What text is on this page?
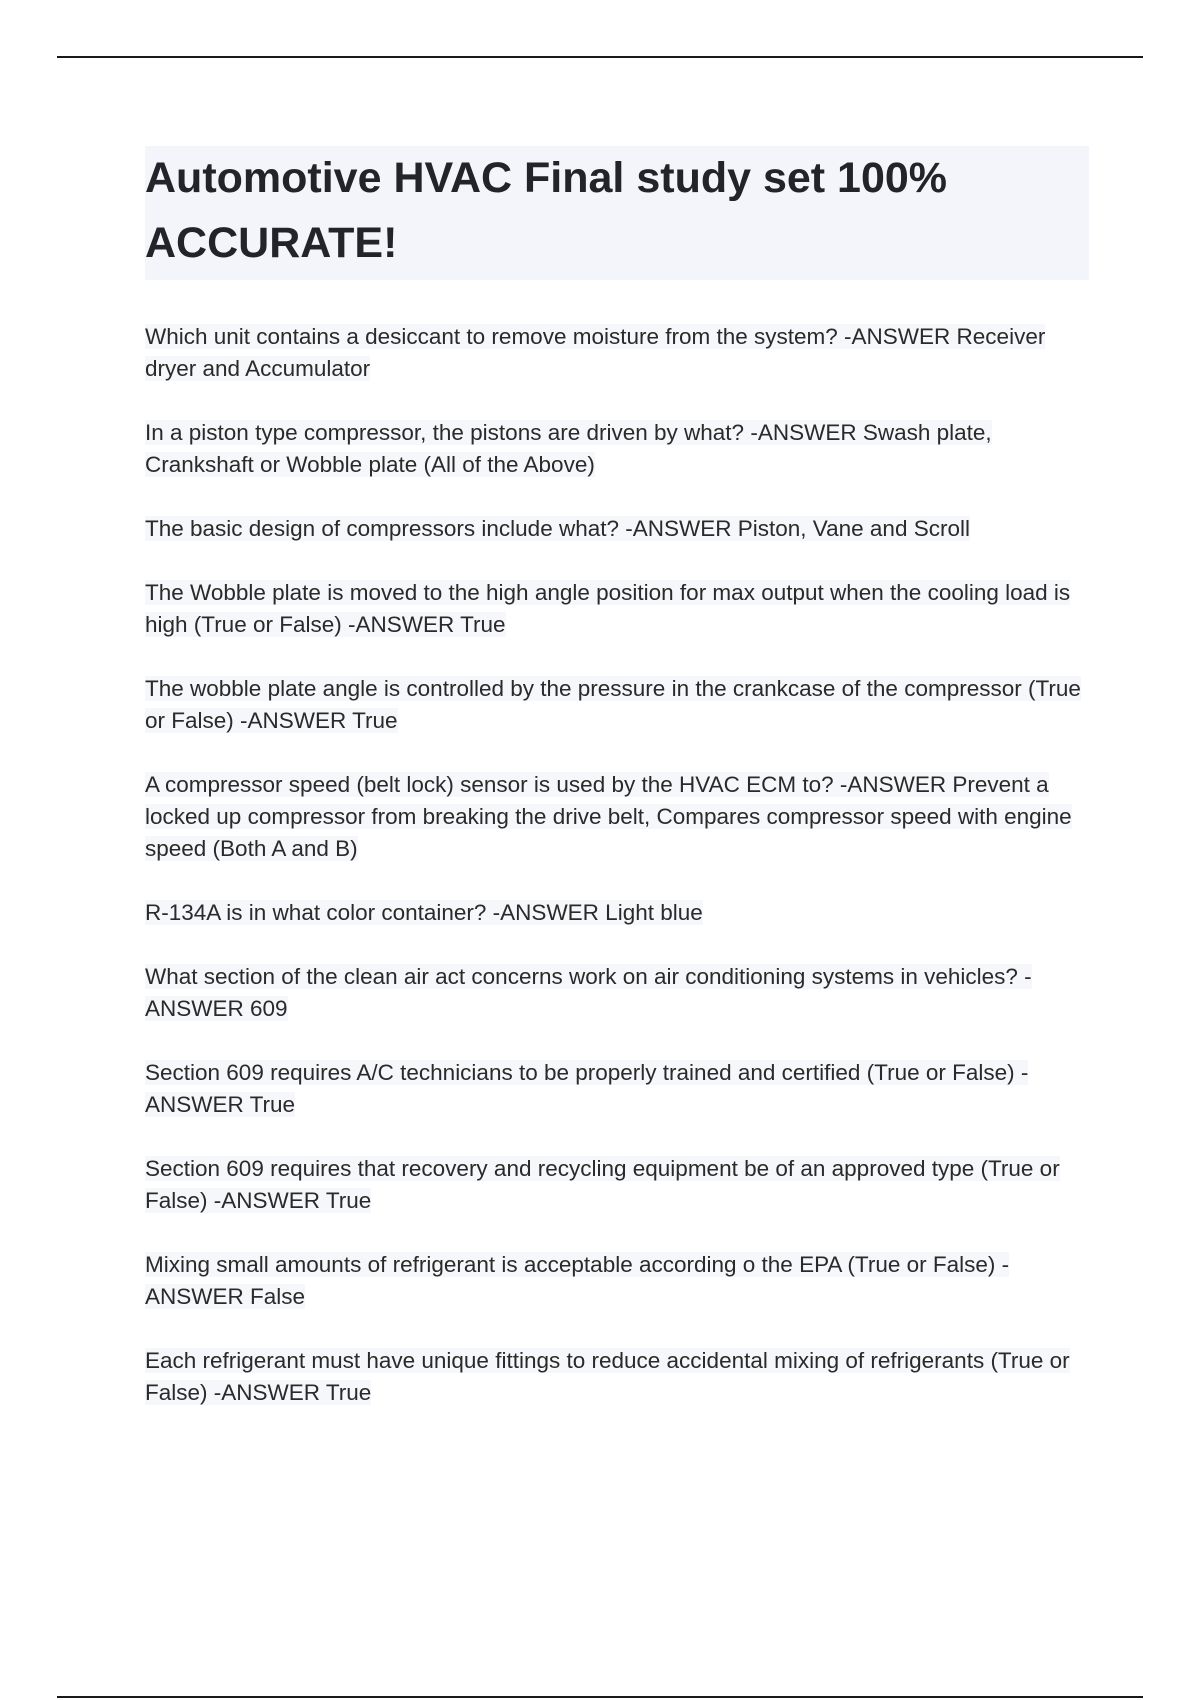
Automotive HVAC Final study set 100% ACCURATE!

Which unit contains a desiccant to remove moisture from the system? -ANSWER Receiver dryer and Accumulator

In a piston type compressor, the pistons are driven by what? -ANSWER Swash plate, Crankshaft or Wobble plate (All of the Above)

The basic design of compressors include what? -ANSWER Piston, Vane and Scroll

The Wobble plate is moved to the high angle position for max output when the cooling load is high (True or False) -ANSWER True

The wobble plate angle is controlled by the pressure in the crankcase of the compressor (True or False) -ANSWER True

A compressor speed (belt lock) sensor is used by the HVAC ECM to? -ANSWER Prevent a locked up compressor from breaking the drive belt, Compares compressor speed with engine speed (Both A and B)

R-134A is in what color container? -ANSWER Light blue

What section of the clean air act concerns work on air conditioning systems in vehicles? -ANSWER 609

Section 609 requires A/C technicians to be properly trained and certified (True or False) -ANSWER True

Section 609 requires that recovery and recycling equipment be of an approved type (True or False) -ANSWER True

Mixing small amounts of refrigerant is acceptable according o the EPA (True or False) -ANSWER False

Each refrigerant must have unique fittings to reduce accidental mixing of refrigerants (True or False) -ANSWER True
